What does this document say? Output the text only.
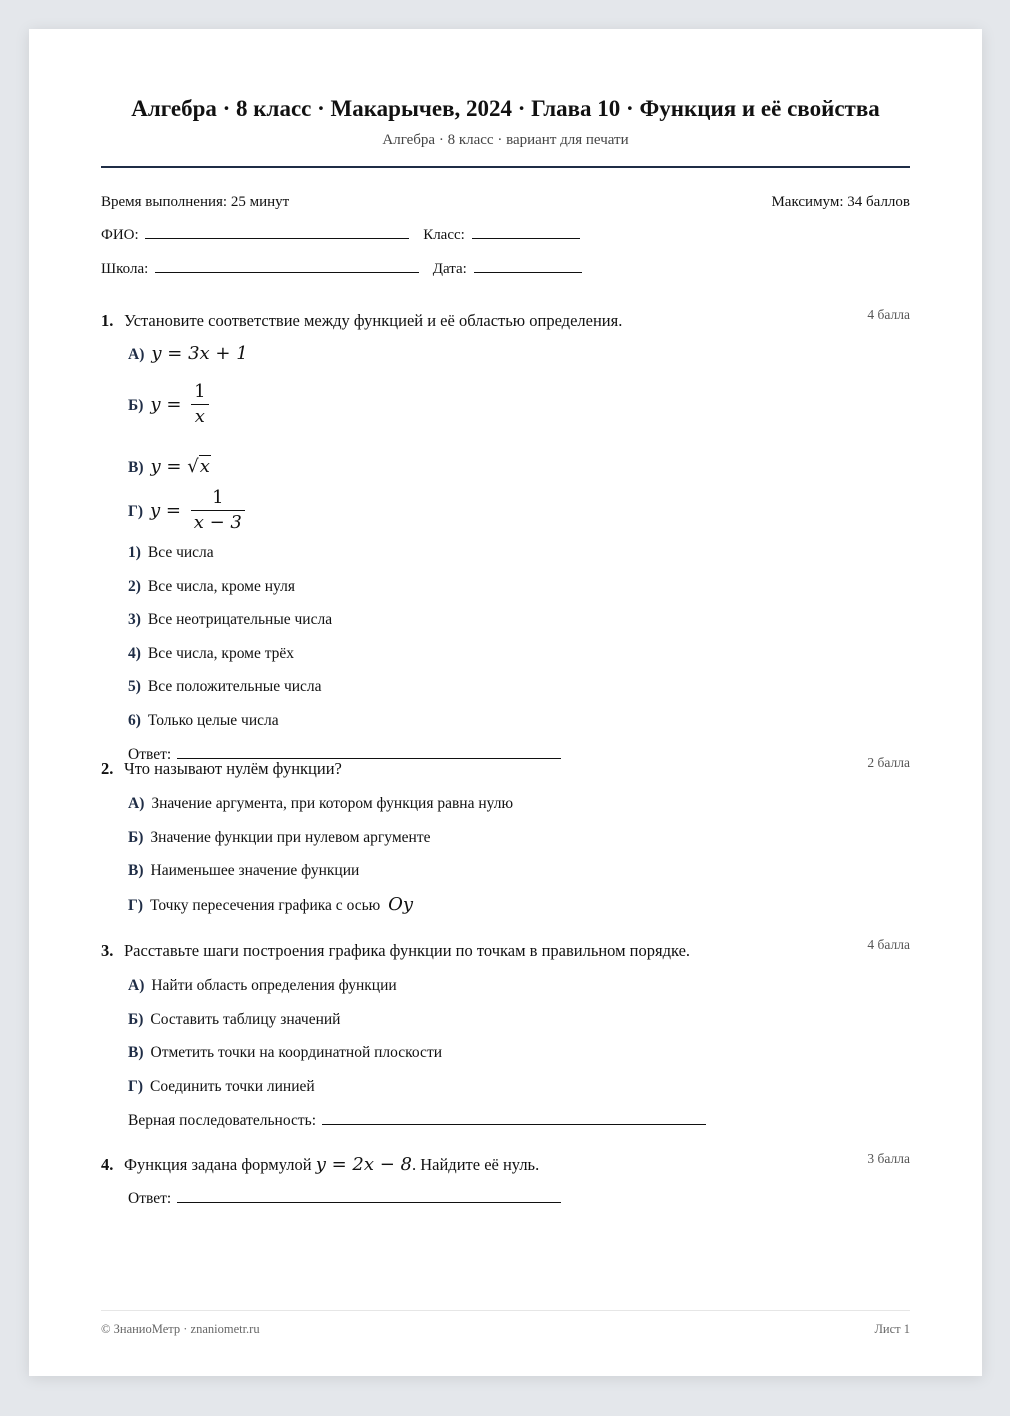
Алгебра · 8 класс · Макарычев, 2024 · Глава 10 · Функция и её свойства
Алгебра · 8 класс · вариант для печати
Время выполнения: 25 минут	Максимум: 34 баллов
ФИО:	Класс:
Школа:	Дата:
1. Установите соответствие между функцией и её областью определения.	4 балла
А) y = 3x + 1
Б) $y = \frac{1}{x}$
В) y = √x
Г) $y = \frac{1}{x - 3}$
1) Все числа
2) Все числа, кроме нуля
3) Все неотрицательные числа
4) Все числа, кроме трёх
5) Все положительные числа
6) Только целые числа
Ответ:
2. Что называют нулём функции?	2 балла
А) Значение аргумента, при котором функция равна нулю
Б) Значение функции при нулевом аргументе
В) Наименьшее значение функции
Г) Точку пересечения графика с осью Oy
3. Расставьте шаги построения графика функции по точкам в правильном порядке.	4 балла
А) Найти область определения функции
Б) Составить таблицу значений
В) Отметить точки на координатной плоскости
Г) Соединить точки линией
Верная последовательность:
4. Функция задана формулой y = 2x − 8. Найдите её нуль.	3 балла
Ответ:
© ЗнаниоМетр · znaniometr.ru	Лист 1
